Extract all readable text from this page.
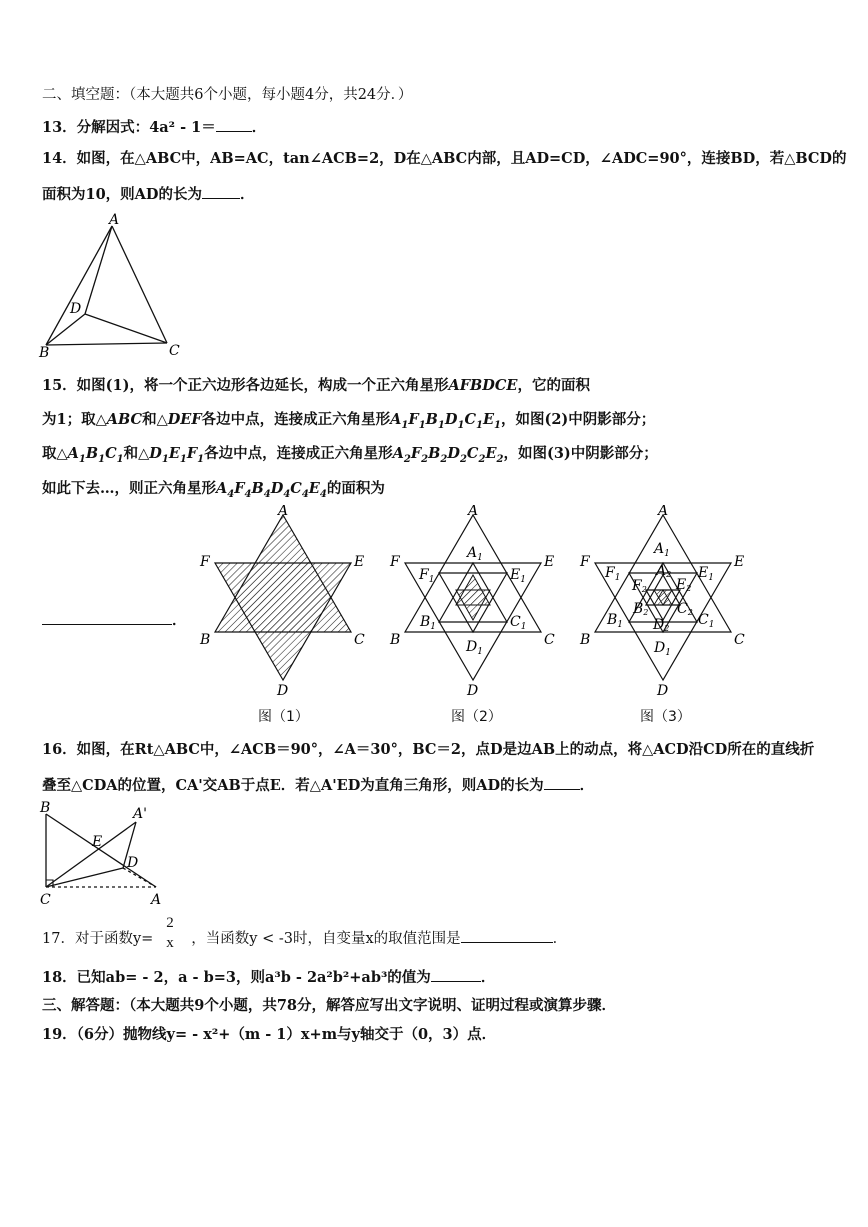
二、填空题：（本大题共6个小题，每小题4分，共24分．）
13．分解因式：4a² - 1＝ ．
14．如图，在△ABC中，AB=AC，tan∠ACB=2，D在△ABC内部，且AD=CD，∠ADC=90°，连接BD，若△BCD的
面积为10，则AD的长为	．
A
B	C
D
15．如图(1)，将一个正六边形各边延长，构成一个正六角星形AFBDCE，它的面积
为1；取△ABC和△DEF各边中点，连接成正六角星形$A_1F_1B_1D_1C_1E_1$，如图(2)中阴影部分；
取$\triangle A_1B_1C_1$和$\triangle D_1E_1F_1$各边中点，连接成正六角星形$A_2F_2B_2D_2C_2E_2$，如图(3)中阴影部分；
如此下去…，则正六角星形$A_4F_4B_4D_4C_4E_4$的面积为
．
A
F	E
B	C
D
A
F	E
B	C
D
$A_1$
$F_1$	$E_1$
$B_1$	$C_1$
$D_1$
A
F	E
B	C
D
$A_1$
$F_1$	$E_1$
$B_1$	$C_1$
$D_1$
A2
F2 E2
B2 C2
D2
图（1）	图（2）	图（3）
16．如图，在Rt△ABC中，∠ACB＝90°，∠A＝30°，BC＝2，点D是边AB上的动点，将△ACD沿CD所在的直线折
叠至△CDA的位置，CA'交AB于点E．若△A'ED为直角三角形，则AD的长为 ．
B	A'
E
D
C	A
17．对于函数y=	，当函数y < -3时，自变量x的取值范围是	．
2
x
18．已知ab= - 2，a - b=3，则a³b - 2a²b²+ab³的值为	．
三、解答题：（本大题共9个小题，共78分，解答应写出文字说明、证明过程或演算步骤．
19．（6分）抛物线y= - x²+（m - 1）x+m与y轴交于（0，3）点．
